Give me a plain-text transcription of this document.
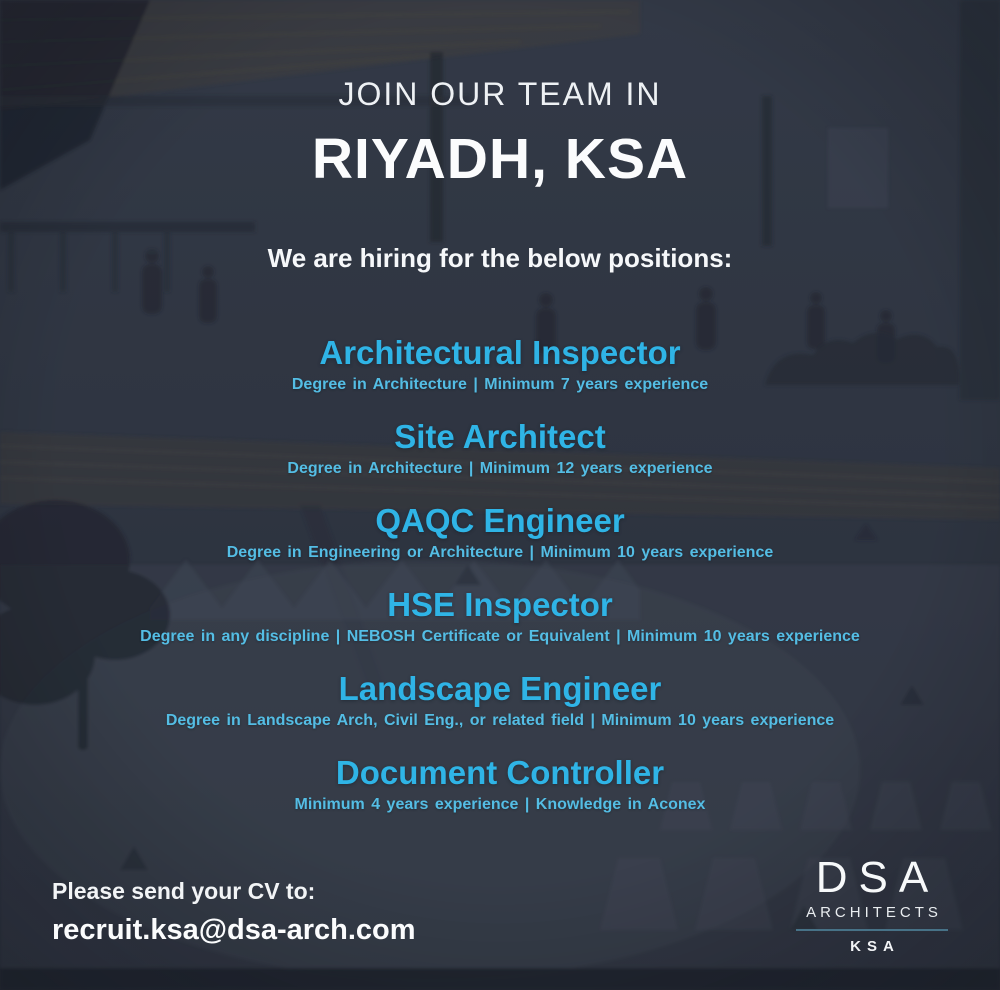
JOIN OUR TEAM IN
RIYADH, KSA
We are hiring for the below positions:
Architectural Inspector

Degree in Architecture | Minimum 7 years experience

Site Architect

Degree in Architecture | Minimum 12 years experience

QAQC Engineer

Degree in Engineering or Architecture | Minimum 10 years experience

HSE Inspector

Degree in any discipline | NEBOSH Certificate or Equivalent | Minimum 10 years experience

Landscape Engineer

Degree in Landscape Arch, Civil Eng., or related field | Minimum 10 years experience

Document Controller

Minimum 4 years experience | Knowledge in Aconex

Please send your CV to:
recruit.ksa@dsa-arch.com
DSA
ARCHITECTS
KSA
